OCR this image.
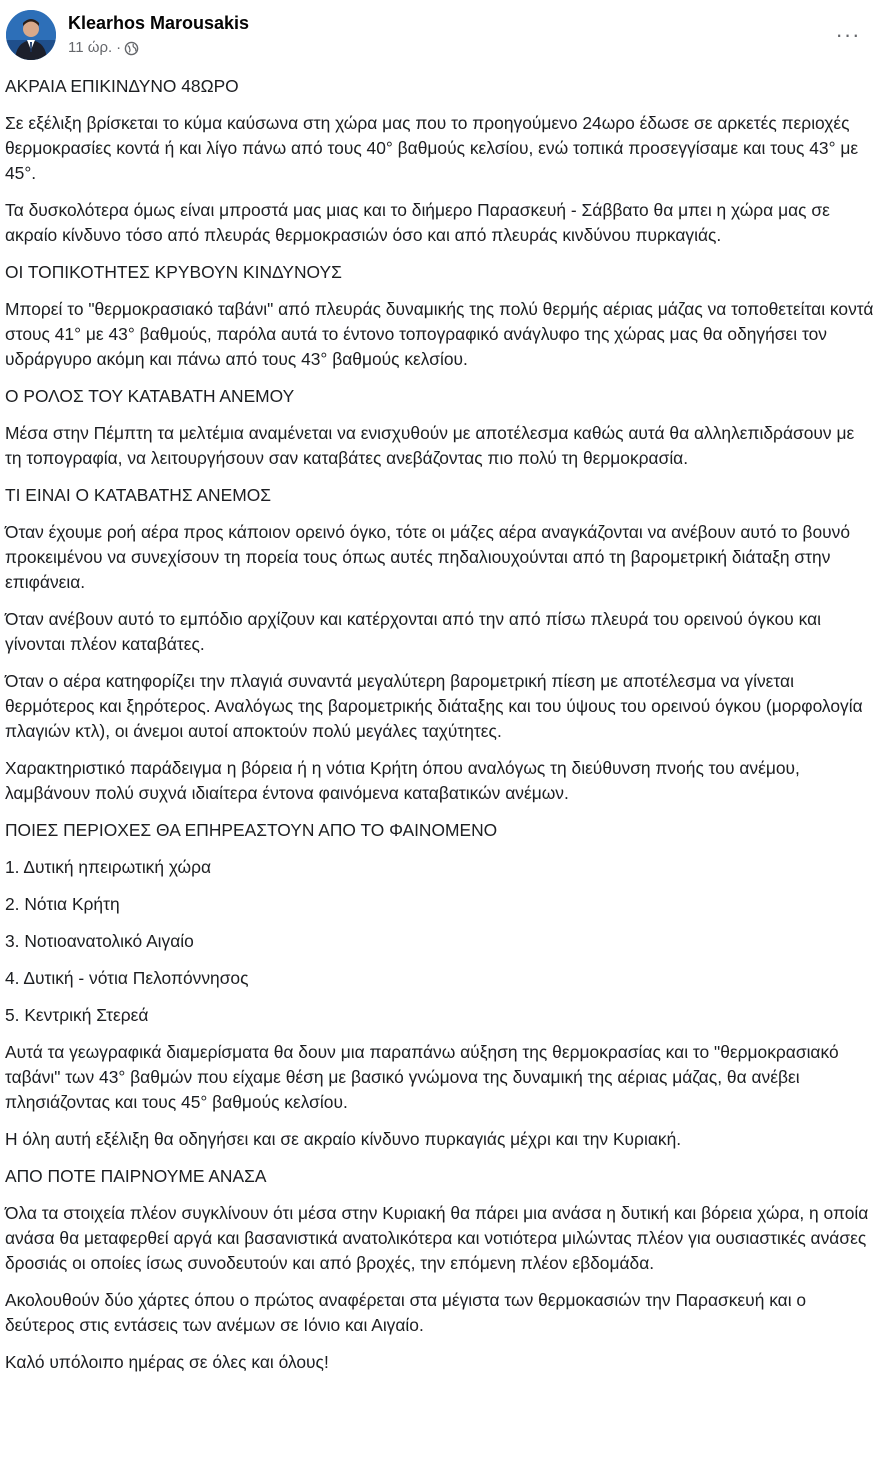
Klearhos Marousakis
11 ώρ. ·
···

ΑΚΡΑΙΑ ΕΠΙΚΙΝΔΥΝΟ 48ΩΡΟ

Σε εξέλιξη βρίσκεται το κύμα καύσωνα στη χώρα μας που το προηγούμενο 24ωρο έδωσε σε αρκετές περιοχές θερμοκρασίες κοντά ή και λίγο πάνω από τους 40° βαθμούς κελσίου, ενώ τοπικά προσεγγίσαμε και τους 43° με 45°.

Τα δυσκολότερα όμως είναι μπροστά μας μιας και το διήμερο Παρασκευή - Σάββατο θα μπει η χώρα μας σε ακραίο κίνδυνο τόσο από πλευράς θερμοκρασιών όσο και από πλευράς κινδύνου πυρκαγιάς.

ΟΙ ΤΟΠΙΚΟΤΗΤΕΣ ΚΡΥΒΟΥΝ ΚΙΝΔΥΝΟΥΣ

Μπορεί το "θερμοκρασιακό ταβάνι" από πλευράς δυναμικής της πολύ θερμής αέριας μάζας να τοποθετείται κοντά στους 41° με 43° βαθμούς, παρόλα αυτά το έντονο τοπογραφικό ανάγλυφο της χώρας μας θα οδηγήσει τον υδράργυρο ακόμη και πάνω από τους 43° βαθμούς κελσίου.

Ο ΡΟΛΟΣ ΤΟΥ ΚΑΤΑΒΑΤΗ ΑΝΕΜΟΥ

Μέσα στην Πέμπτη τα μελτέμια αναμένεται να ενισχυθούν με αποτέλεσμα καθώς αυτά θα αλληλεπιδράσουν με τη τοπογραφία, να λειτουργήσουν σαν καταβάτες ανεβάζοντας πιο πολύ τη θερμοκρασία.

ΤΙ ΕΙΝΑΙ Ο ΚΑΤΑΒΑΤΗΣ ΑΝΕΜΟΣ

Όταν έχουμε ροή αέρα προς κάποιον ορεινό όγκο, τότε οι μάζες αέρα αναγκάζονται να ανέβουν αυτό το βουνό προκειμένου να συνεχίσουν τη πορεία τους όπως αυτές πηδαλιουχούνται από τη βαρομετρική διάταξη στην επιφάνεια.

Όταν ανέβουν αυτό το εμπόδιο αρχίζουν και κατέρχονται από την από πίσω πλευρά του ορεινού όγκου και γίνονται πλέον καταβάτες.

Όταν ο αέρα κατηφορίζει την πλαγιά συναντά μεγαλύτερη βαρομετρική πίεση με αποτέλεσμα να γίνεται θερμότερος και ξηρότερος. Αναλόγως της βαρομετρικής διάταξης και του ύψους του ορεινού όγκου (μορφολογία πλαγιών κτλ), οι άνεμοι αυτοί αποκτούν πολύ μεγάλες ταχύτητες.

Χαρακτηριστικό παράδειγμα η βόρεια ή η νότια Κρήτη όπου αναλόγως τη διεύθυνση πνοής του ανέμου, λαμβάνουν πολύ συχνά ιδιαίτερα έντονα φαινόμενα καταβατικών ανέμων.

ΠΟΙΕΣ ΠΕΡΙΟΧΕΣ ΘΑ ΕΠΗΡΕΑΣΤΟΥΝ ΑΠΟ ΤΟ ΦΑΙΝΟΜΕΝΟ

1. Δυτική ηπειρωτική χώρα

2. Νότια Κρήτη

3. Νοτιοανατολικό Αιγαίο

4. Δυτική - νότια Πελοπόννησος

5. Κεντρική Στερεά

Αυτά τα γεωγραφικά διαμερίσματα θα δουν μια παραπάνω αύξηση της θερμοκρασίας και το "θερμοκρασιακό ταβάνι" των 43° βαθμών που είχαμε θέση με βασικό γνώμονα της δυναμική της αέριας μάζας, θα ανέβει πλησιάζοντας και τους 45° βαθμούς κελσίου.

Η όλη αυτή εξέλιξη θα οδηγήσει και σε ακραίο κίνδυνο πυρκαγιάς μέχρι και την Κυριακή.

ΑΠΟ ΠΟΤΕ ΠΑΙΡΝΟΥΜΕ ΑΝΑΣΑ

Όλα τα στοιχεία πλέον συγκλίνουν ότι μέσα στην Κυριακή θα πάρει μια ανάσα η δυτική και βόρεια χώρα, η οποία ανάσα θα μεταφερθεί αργά και βασανιστικά ανατολικότερα και νοτιότερα μιλώντας πλέον για ουσιαστικές ανάσες δροσιάς οι οποίες ίσως συνοδευτούν και από βροχές, την επόμενη πλέον εβδομάδα.

Ακολουθούν δύο χάρτες όπου ο πρώτος αναφέρεται στα μέγιστα των θερμοκασιών την Παρασκευή και ο δεύτερος στις εντάσεις των ανέμων σε Ιόνιο και Αιγαίο.

Καλό υπόλοιπο ημέρας σε όλες και όλους!
